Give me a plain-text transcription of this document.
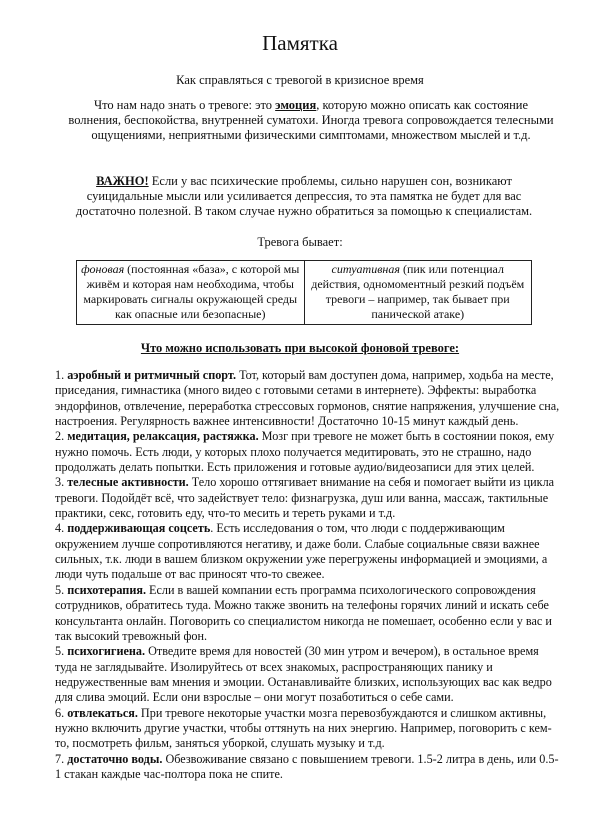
Памятка
Как справляться с тревогой в кризисное время
Что нам надо знать о тревоге: это эмоция, которую можно описать как состояние волнения, беспокойства, внутренней суматохи. Иногда тревога сопровождается телесными ощущениями, неприятными физическими симптомами, множеством мыслей и т.д.
ВАЖНО! Если у вас психические проблемы, сильно нарушен сон, возникают суицидальные мысли или усиливается депрессия, то эта памятка не будет для вас достаточно полезной. В таком случае нужно обратиться за помощью к специалистам.
Тревога бывает:
фоновая (постоянная «база», с которой мы живём и которая нам необходима, чтобы маркировать сигналы окружающей среды как опасные или безопасные)	ситуативная (пик или потенциал действия, одномоментный резкий подъём тревоги – например, так бывает при панической атаке)
Что можно использовать при высокой фоновой тревоге:

1. аэробный и ритмичный спорт. Тот, который вам доступен дома, например, ходьба на месте, приседания, гимнастика (много видео с готовыми сетами в интернете). Эффекты: выработка эндорфинов, отвлечение, переработка стрессовых гормонов, снятие напряжения, улучшение сна, настроения. Регулярность важнее интенсивности! Достаточно 10-15 минут каждый день.

2. медитация, релаксация, растяжка. Мозг при тревоге не может быть в состоянии покоя, ему нужно помочь. Есть люди, у которых плохо получается медитировать, это не страшно, надо продолжать делать попытки. Есть приложения и готовые аудио/видеозаписи для этих целей.

3. телесные активности. Тело хорошо оттягивает внимание на себя и помогает выйти из цикла тревоги. Подойдёт всё, что задействует тело: физнагрузка, душ или ванна, массаж, тактильные практики, секс, готовить еду, что-то месить и тереть руками и т.д.

4. поддерживающая соцсеть. Есть исследования о том, что люди с поддерживающим окружением лучше сопротивляются негативу, и даже боли. Слабые социальные связи важнее сильных, т.к. люди в вашем близком окружении уже перегружены информацией и эмоциями, а люди чуть подальше от вас приносят что-то свежее.

5. психотерапия. Если в вашей компании есть программа психологического сопровождения сотрудников, обратитесь туда. Можно также звонить на телефоны горячих линий и искать себе консультанта онлайн. Поговорить со специалистом никогда не помешает, особенно если у вас и так высокий тревожный фон.

5. психогигиена. Отведите время для новостей (30 мин утром и вечером), в остальное время туда не заглядывайте. Изолируйтесь от всех знакомых, распространяющих панику и недружественные вам мнения и эмоции. Останавливайте близких, использующих вас как ведро для слива эмоций. Если они взрослые – они могут позаботиться о себе сами.

6. отвлекаться. При тревоге некоторые участки мозга перевозбуждаются и слишком активны, нужно включить другие участки, чтобы оттянуть на них энергию. Например, поговорить с кем-то, посмотреть фильм, заняться уборкой, слушать музыку и т.д.

7. достаточно воды. Обезвоживание связано с повышением тревоги. 1.5-2 литра в день, или 0.5-1 стакан каждые час-полтора пока не спите.
